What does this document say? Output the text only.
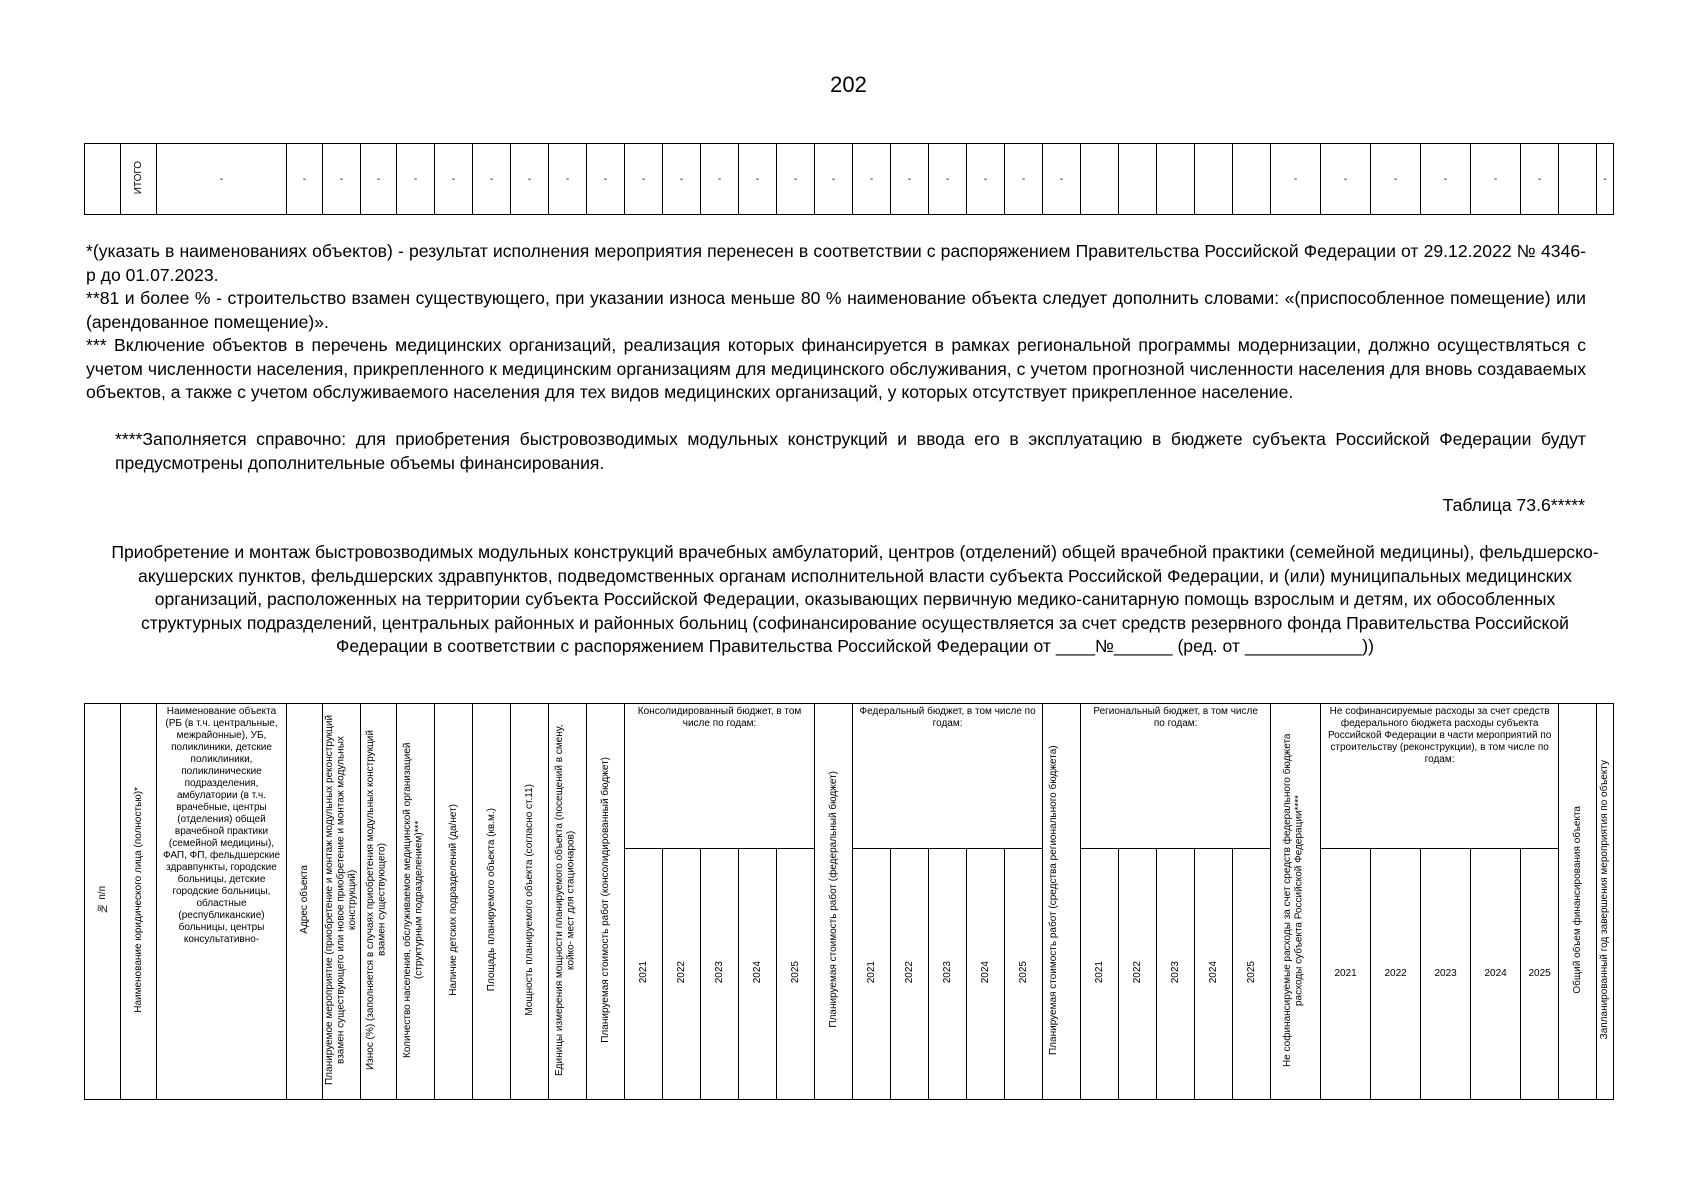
202
	ИТОГО	-	-	-	-	-	-	-	-	-	-	-	-	-	-	-	-	-	-	-	-	-	-						-	-	-	-	-	-		-

*(указать в наименованиях объектов) - результат исполнения мероприятия перенесен в соответствии с распоряжением Правительства Российской Федерации от 29.12.2022 № 4346-р до 01.07.2023.

**81 и более % - строительство взамен существующего, при указании износа меньше 80 % наименование объекта следует дополнить словами: «(приспособленное помещение) или (арендованное помещение)».

*** Включение объектов в перечень медицинских организаций, реализация которых финансируется в рамках региональной программы модернизации, должно осуществляться с учетом численности населения, прикрепленного к медицинским организациям для медицинского обслуживания, с учетом прогнозной численности населения для вновь создаваемых объектов, а также с учетом обслуживаемого населения для тех видов медицинских организаций, у которых отсутствует прикрепленное население.

****Заполняется справочно: для приобретения быстровозводимых модульных конструкций и ввода его в эксплуатацию в бюджете субъекта Российской Федерации будут предусмотрены дополнительные объемы финансирования.

Таблица 73.6*****
Приобретение и монтаж быстровозводимых модульных конструкций врачебных амбулаторий, центров (отделений) общей врачебной практики (семейной медицины), фельдшерско-акушерских пунктов, фельдшерских здравпунктов, подведомственных органам исполнительной власти субъекта Российской Федерации, и (или) муниципальных медицинских организаций, расположенных на территории субъекта Российской Федерации, оказывающих первичную медико-санитарную помощь взрослым и детям, их обособленных структурных подразделений, центральных районных и районных больниц (софинансирование осуществляется за счет средств резервного фонда Правительства Российской Федерации в соответствии с распоряжением Правительства Российской Федерации от ____№______ (ред. от ____________))
№ п/п	Наименование юридического лица (полностью)*	Наименование объекта (РБ (в т.ч. центральные, межрайонные), УБ, поликлиники, детские поликлиники, поликлинические подразделения, амбулатории (в т.ч. врачебные, центры (отделения) общей врачебной практики (семейной медицины), ФАП, ФП, фельдшерские здравпункты, городские больницы, детские городские больницы, областные (республиканские) больницы, центры консультативно-	Адрес объекта	Планируемое мероприятие (приобретение и монтаж модульных реконструкций взамен существующего или новое приобретение и монтаж модульных конструкций)	Износ (%) (заполняется в случаях приобретения модульных конструкций взамен существующего)	Количество населения, обслуживаемое медицинской организацией (структурным подразделением)***	Наличие детских подразделений (да/нет)	Площадь планируемого объекта (кв.м.)	Мощность планируемого объекта (согласно ст.11)	Единицы измерения мощности планируемого объекта (посещений в смену, койко- мест для стационаров)	Планируемая стоимость работ (консолидированный бюджет)	Консолидированный бюджет, в том числе по годам:					Планируемая стоимость работ (федеральный бюджет)	Федеральный бюджет, в том числе по годам:					Планируемая стоимость работ (средства регионального бюджета)	Региональный бюджет, в том числе по годам:					Не софинансируемые расходы за счет средств федерального бюджета расходы субъекта Российской Федерации****	Не софинансируемые расходы за счет средств федерального бюджета расходы субъекта Российской Федерации в части мероприятий по строительству (реконструкции), в том числе по годам:					Общий объем финансирования объекта	Запланированный год завершения мероприятия по объекту
												2021	2022	2023	2024	2025		2021	2022	2023	2024	2025		2021	2022	2023	2024	2025		2021	2022	2023	2024	2025		
